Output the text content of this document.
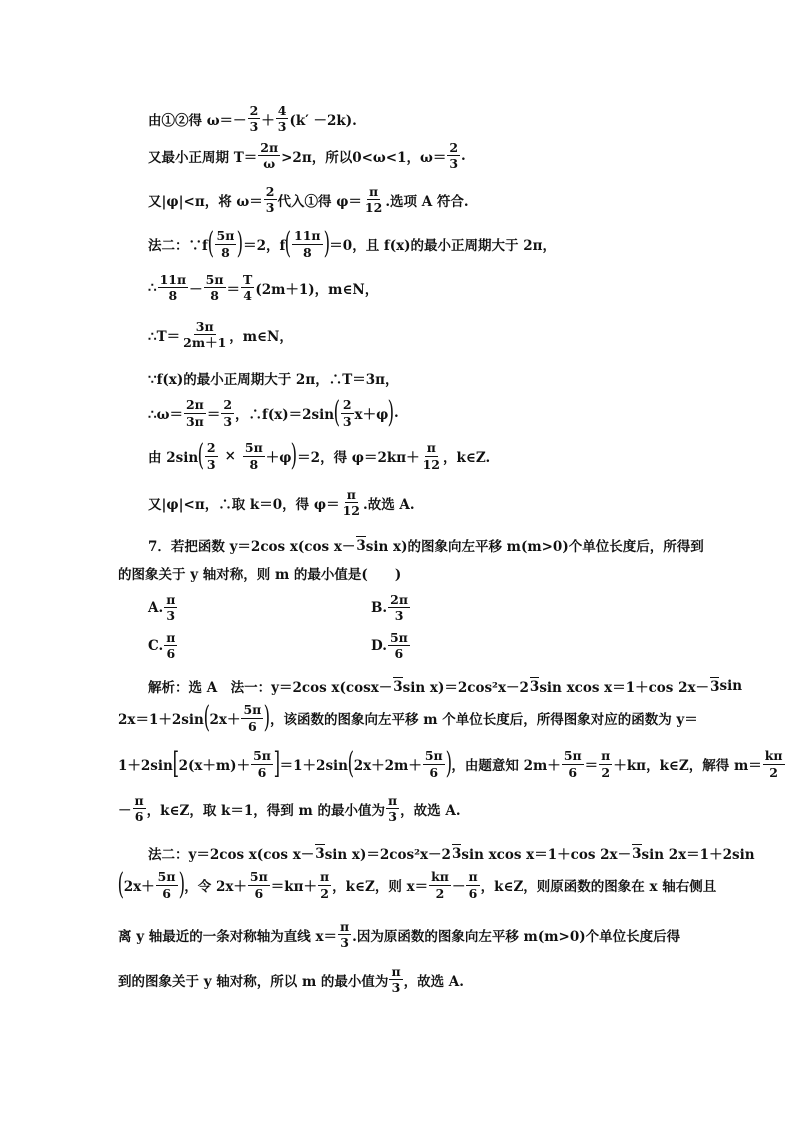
由①②得 $\omega=- \frac{2}{3} + \frac{4}{3} (k' -2k)$.
又最小正周期 $T= \frac{2\pi}{\omega} >2\pi$，所以0<ω<1，$\omega= \frac{2}{3}$ .
又|φ|<π，将 $\omega= \frac{2}{3}$ 代入①得 $\varphi= \frac{\pi}{12}$ .选项 A 符合.
法二：∵f ( $\frac{5\pi}{8}$ ) ＝2，f ( $\frac{11\pi}{8}$ ) ＝0，且 f(x)的最小正周期大于 2π，
∴ $\frac{11\pi}{8} - \frac{5\pi}{8} = \frac{T}{4} (2m+1)$，m∈N，
∴T＝ $\frac{3\pi}{2m+1}$ ，m∈N，
∵f(x)的最小正周期大于 2π，∴T＝3π，
∴ω＝ $\frac{2\pi}{3\pi} = \frac{2}{3}$ ，∴f(x)＝2sin ( $\frac{2}{3} x+\varphi$ ) .
由 2sin ( $\frac{2}{3} \times \frac{5\pi}{8} +\varphi$ ) ＝2，得 $\varphi=2k\pi+ \frac{\pi}{12}$ ，k∈Z.
又|φ|<π，∴取 k＝0，得 $\varphi= \frac{\pi}{12}$ .故选 A.
7．若把函数 y＝2cos x(cos x－ 3 sin x)的图象向左平移 m(m>0)个单位长度后，所得到
的图象关于 y 轴对称，则 m 的最小值是(　　)
A. $\frac{\pi}{3}$	B. $\frac{2\pi}{3}$
C. $\frac{\pi}{6}$	D. $\frac{5\pi}{6}$
解析：选 A　法一：y＝2cos x(cosx－ 3 sin x)＝2cos²x－2 3 sin xcos x＝1＋cos 2x－ 3 sin
2x＝1＋2sin ( $2x+ \frac{5\pi}{6}$ ) ，该函数的图象向左平移 m 个单位长度后，所得图象对应的函数为 y＝
1＋2sin [ $2(x+m)+ \frac{5\pi}{6}$ ] ＝1＋2sin ( $2x+2m+ \frac{5\pi}{6}$ ) ，由题意知 $2m+ \frac{5\pi}{6} = \frac{\pi}{2} +k\pi$，k∈Z，解得 $m= \frac{k\pi}{2}$
－ $\frac{\pi}{6}$ ，k∈Z，取 k＝1，得到 m 的最小值为 $\frac{\pi}{3}$ ，故选 A.
法二：y＝2cos x(cos x－ 3 sin x)＝2cos²x－2 3 sin xcos x＝1＋cos 2x－ 3 sin 2x＝1＋2sin
( $2x+ \frac{5\pi}{6}$ ) ，令 $2x+ \frac{5\pi}{6} =k\pi+ \frac{\pi}{2}$ ，k∈Z，则 $x= \frac{k\pi}{2} - \frac{\pi}{6}$ ，k∈Z，则原函数的图象在 x 轴右侧且
离 y 轴最近的一条对称轴为直线 $x= \frac{\pi}{3}$ .因为原函数的图象向左平移 m(m>0)个单位长度后得
到的图象关于 y 轴对称，所以 m 的最小值为 $\frac{\pi}{3}$ ，故选 A.
